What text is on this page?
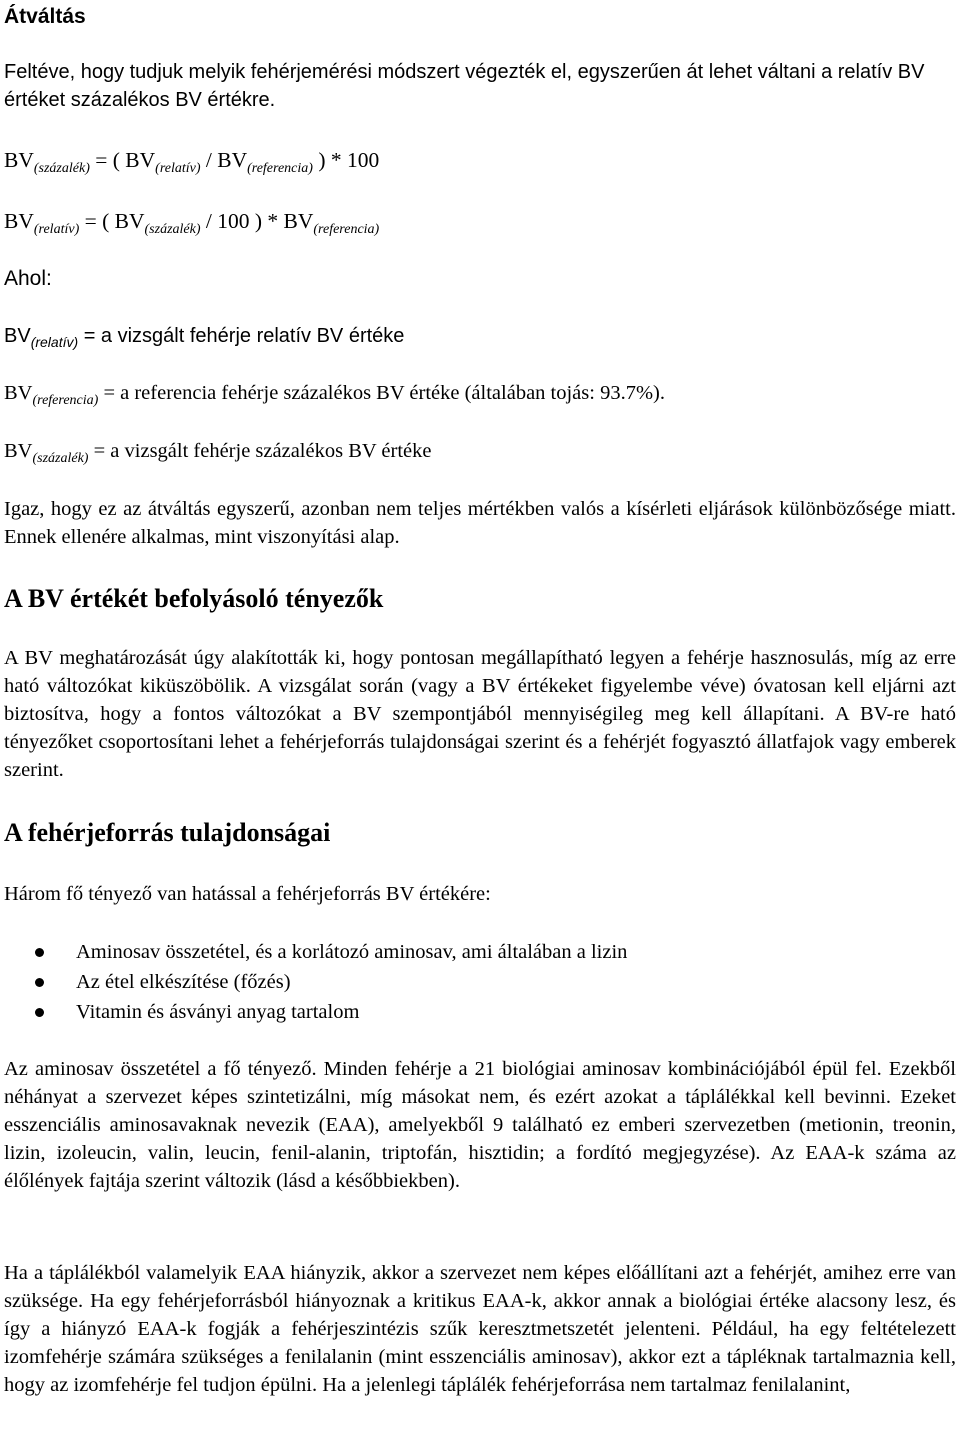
Átváltás

Feltéve, hogy tudjuk melyik fehérjemérési módszert végezték el, egyszerűen át lehet váltani a relatív BV értéket százalékos BV értékre.

$BV_{(százalék)}$ = ( $BV_{(relatív)} / BV_{(referencia)}$ ) * 100

$BV_{(relatív)}$ = ( $BV_{(százalék)} / 100$ ) * $BV_{(referencia)}$

Ahol:

$BV_{(relatív)} = a$ vizsgált fehérje relatív BV értéke

$BV_{(referencia)} = a$ referencia fehérje százalékos BV értéke (általában tojás: 93.7%).

$BV_{(százalék)} = a$ vizsgált fehérje százalékos BV értéke

Igaz, hogy ez az átváltás egyszerű, azonban nem teljes mértékben valós a kísérleti eljárások különbözősége miatt. Ennek ellenére alkalmas, mint viszonyítási alap.

A BV értékét befolyásoló tényezők

A BV meghatározását úgy alakították ki, hogy pontosan megállapítható legyen a fehérje hasznosulás, míg az erre ható változókat kiküszöbölik. A vizsgálat során (vagy a BV értékeket figyelembe véve) óvatosan kell eljárni azt biztosítva, hogy a fontos változókat a BV szempontjából mennyiségileg meg kell állapítani. A BV-re ható tényezőket csoportosítani lehet a fehérjeforrás tulajdonságai szerint és a fehérjét fogyasztó állatfajok vagy emberek szerint.

A fehérjeforrás tulajdonságai

Három fő tényező van hatással a fehérjeforrás BV értékére:

Aminosav összetétel, és a korlátozó aminosav, ami általában a lizin
Az étel elkészítése (főzés)
Vitamin és ásványi anyag tartalom

Az aminosav összetétel a fő tényező. Minden fehérje a 21 biológiai aminosav kombinációjából épül fel. Ezekből néhányat a szervezet képes szintetizálni, míg másokat nem, és ezért azokat a táplálékkal kell bevinni. Ezeket esszenciális aminosavaknak nevezik (EAA), amelyekből 9 található ez emberi szervezetben (metionin, treonin, lizin, izoleucin, valin, leucin, fenil-alanin, triptofán, hisztidin; a fordító megjegyzése). Az EAA-k száma az élőlények fajtája szerint változik (lásd a későbbiekben).

Ha a táplálékból valamelyik EAA hiányzik, akkor a szervezet nem képes előállítani azt a fehérjét, amihez erre van szüksége. Ha egy fehérjeforrásból hiányoznak a kritikus EAA-k, akkor annak a biológiai értéke alacsony lesz, és így a hiányzó EAA-k fogják a fehérjeszintézis szűk keresztmetszetét jelenteni. Például, ha egy feltételezett izomfehérje számára szükséges a fenilalanin (mint esszenciális aminosav), akkor ezt a tápléknak tartalmaznia kell, hogy az izomfehérje fel tudjon épülni. Ha a jelenlegi táplálék fehérjeforrása nem tartalmaz fenilalanint,
